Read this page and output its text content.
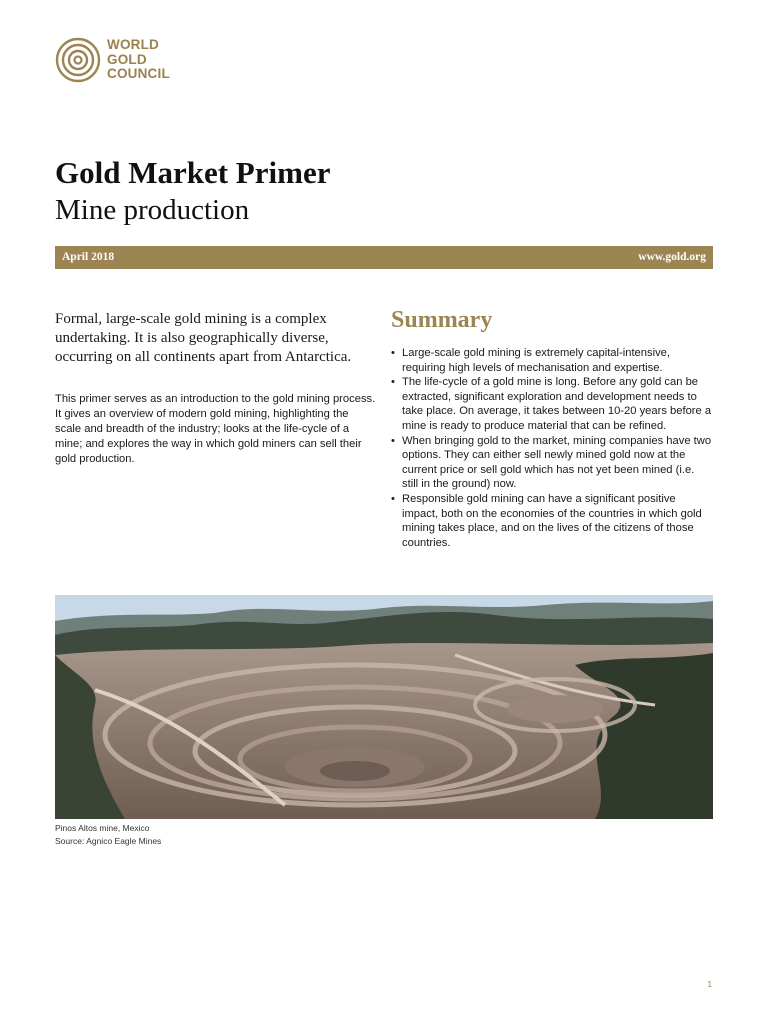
WORLD
GOLD
COUNCIL
Gold Market Primer
Mine production
April 2018	www.gold.org

Formal, large-scale gold mining is a complex undertaking. It is also geographically diverse, occurring on all continents apart from Antarctica.

This primer serves as an introduction to the gold mining process. It gives an overview of modern gold mining, highlighting the scale and breadth of the industry; looks at the life-cycle of a mine; and explores the way in which gold miners can sell their gold production.

Summary
• Large-scale gold mining is extremely capital-intensive, requiring high levels of mechanisation and expertise.
• The life-cycle of a gold mine is long. Before any gold can be extracted, significant exploration and development needs to take place. On average, it takes between 10-20 years before a mine is ready to produce material that can be refined.
• When bringing gold to the market, mining companies have two options. They can either sell newly mined gold now at the current price or sell gold which has not yet been mined (i.e. still in the ground) now.
• Responsible gold mining can have a significant positive impact, both on the economies of the countries in which gold mining takes place, and on the lives of the citizens of those countries.
Pinos Altos mine, Mexico
Source: Agnico Eagle Mines
1
